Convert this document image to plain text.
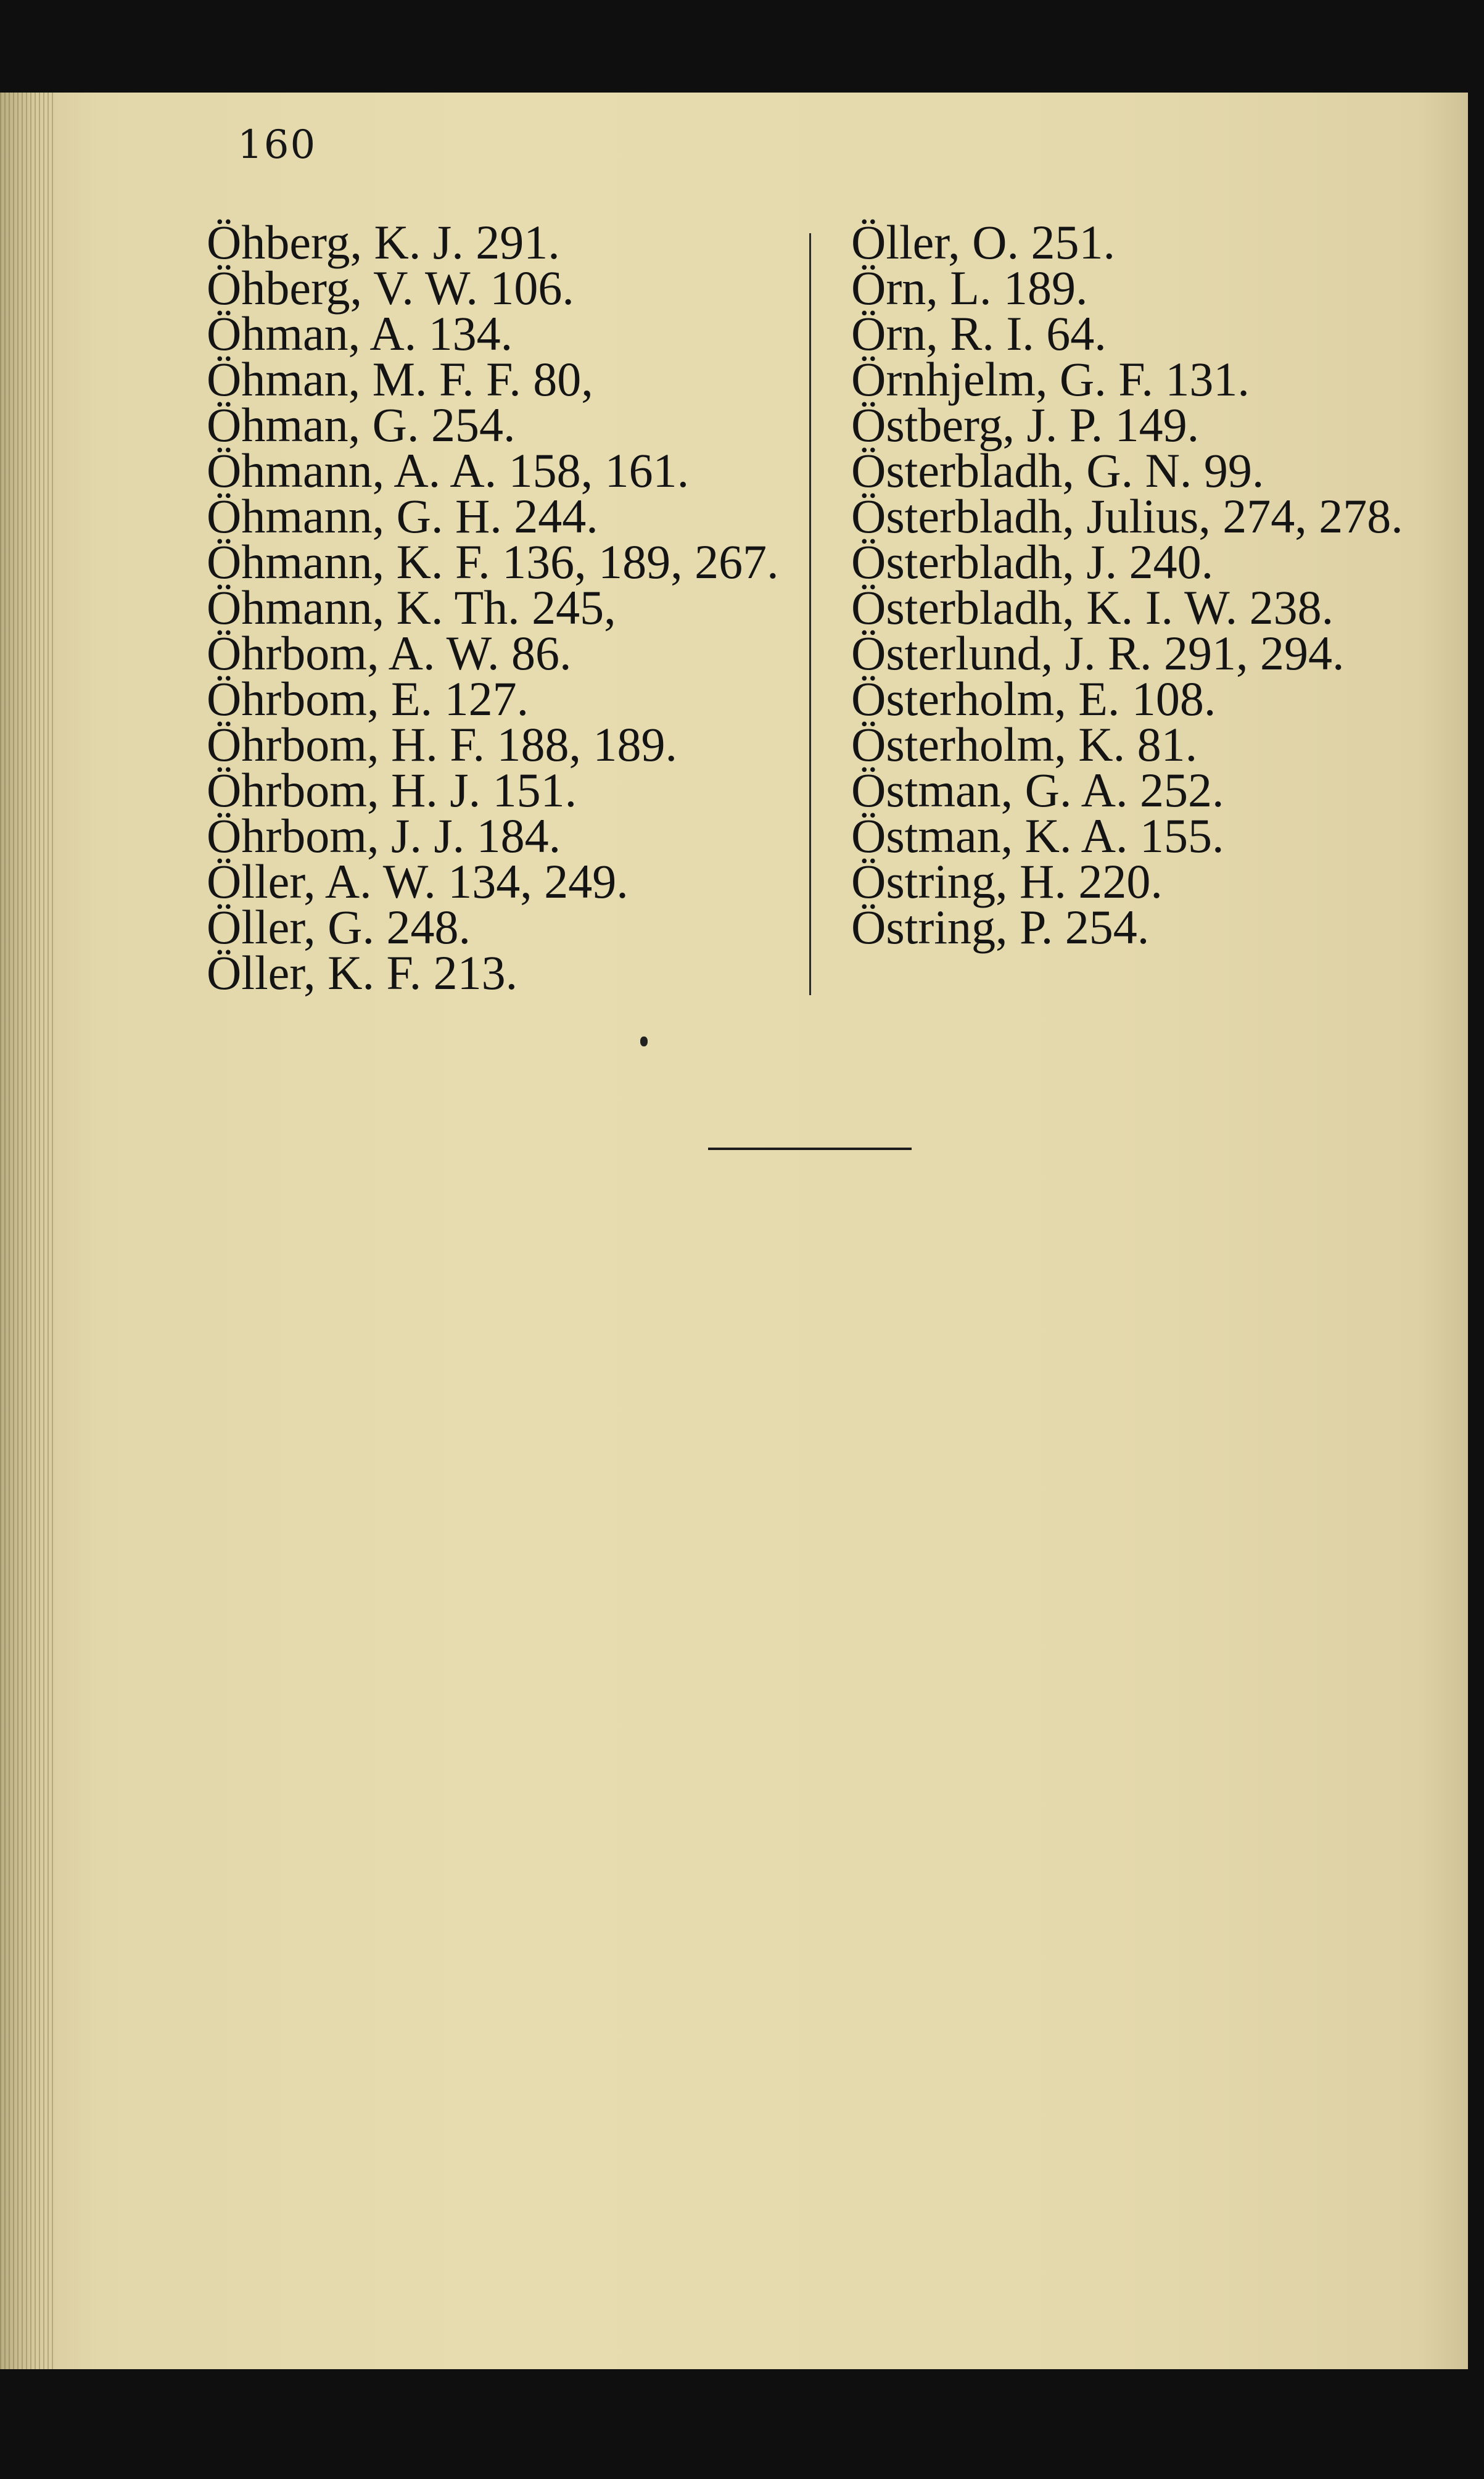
160
Öhberg, K. J. 291.
Öhberg, V. W. 106.
Öhman, A. 134.
Öhman, M. F. F. 80,
Öhman, G. 254.
Öhmann, A. A. 158, 161.
Öhmann, G. H. 244.
Öhmann, K. F. 136, 189, 267.
Öhmann, K. Th. 245,
Öhrbom, A. W. 86.
Öhrbom, E. 127.
Öhrbom, H. F. 188, 189.
Öhrbom, H. J. 151.
Öhrbom, J. J. 184.
Öller, A. W. 134, 249.
Öller, G. 248.
Öller, K. F. 213.
Öller, O. 251.
Örn, L. 189.
Örn, R. I. 64.
Örnhjelm, G. F. 131.
Östberg, J. P. 149.
Österbladh, G. N. 99.
Österbladh, Julius, 274, 278.
Österbladh, J. 240.
Österbladh, K. I. W. 238.
Österlund, J. R. 291, 294.
Österholm, E. 108.
Österholm, K. 81.
Östman, G. A. 252.
Östman, K. A. 155.
Östring, H. 220.
Östring, P. 254.
